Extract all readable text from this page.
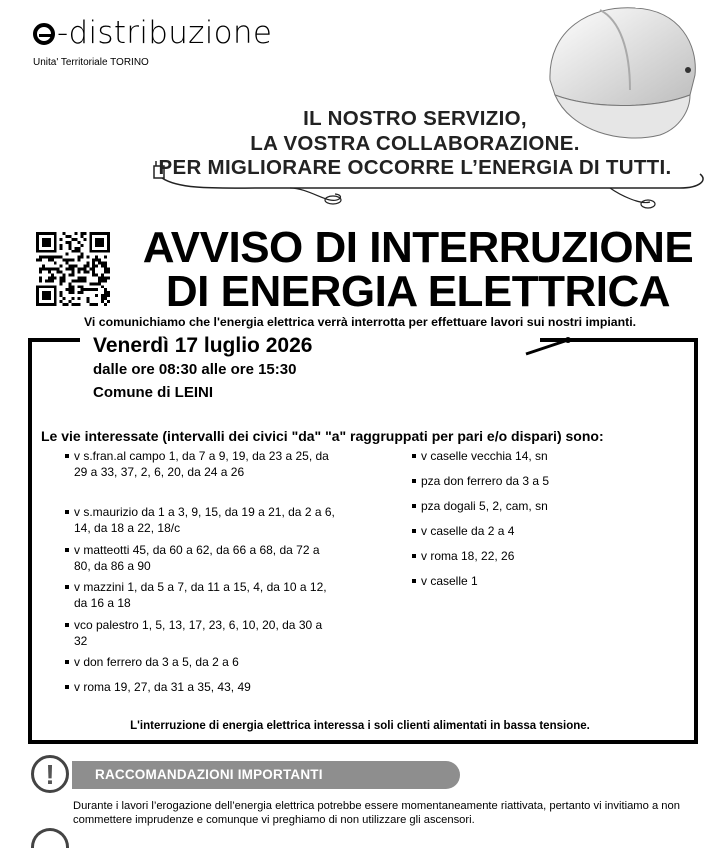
-distribuzione
Unita' Territoriale TORINO
IL NOSTRO SERVIZIO,
LA VOSTRA COLLABORAZIONE.
PER MIGLIORARE OCCORRE L’ENERGIA DI TUTTI.
AVVISO DI INTERRUZIONE
DI ENERGIA ELETTRICA
Vi comunichiamo che l'energia elettrica verrà interrotta per effettuare lavori sui nostri impianti.
Venerdì 17 luglio 2026
dalle ore 08:30 alle ore 15:30
Comune di LEINI
Le vie interessate (intervalli dei civici "da" "a" raggruppati per pari e/o dispari) sono:
v s.fran.al campo 1, da 7 a 9, 19, da 23 a 25, da 29 a 33, 37, 2, 6, 20, da 24 a 26
v s.maurizio da 1 a 3, 9, 15, da 19 a 21, da 2 a 6, 14, da 18 a 22, 18/c
v matteotti 45, da 60 a 62, da 66 a 68, da 72 a 80, da 86 a 90
v mazzini 1, da 5 a 7, da 11 a 15, 4, da 10 a 12, da 16 a 18
vco palestro 1, 5, 13, 17, 23, 6, 10, 20, da 30 a 32
v don ferrero da 3 a 5, da 2 a 6
v roma 19, 27, da 31 a 35, 43, 49
v caselle vecchia 14, sn
pza don ferrero da 3 a 5
pza dogali 5, 2, cam, sn
v caselle da 2 a 4
v roma 18, 22, 26
v caselle 1
L'interruzione di energia elettrica interessa i soli clienti alimentati in bassa tensione.
!	RACCOMANDAZIONI IMPORTANTI
Durante i lavori l’erogazione dell’energia elettrica potrebbe essere momentaneamente riattivata, pertanto vi invitiamo a non commettere imprudenze e comunque vi preghiamo di non utilizzare gli ascensori.
